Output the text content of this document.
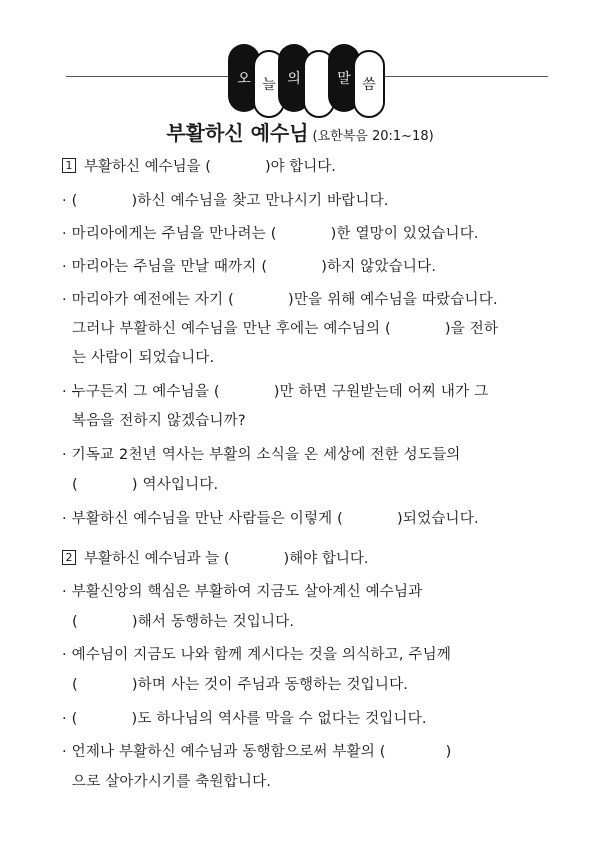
오 늘 의	말 씀
부활하신 예수님 (요한복음 20:1~18)
1 부활하신 예수님을 (	)야 합니다.
· (	)하신 예수님을 찾고 만나시기 바랍니다.
· 마리아에게는 주님을 만나려는 (	)한 열망이 있었습니다.
· 마리아는 주님을 만날 때까지 (	)하지 않았습니다.
· 마리아가 예전에는 자기 (	)만을 위해 예수님을 따랐습니다.
그러나 부활하신 예수님을 만난 후에는 예수님의 (	)을 전하
는 사람이 되었습니다.
· 누구든지 그 예수님을 (	)만 하면 구원받는데 어찌 내가 그
복음을 전하지 않겠습니까?
· 기독교 2천년 역사는 부활의 소식을 온 세상에 전한 성도들의
(	) 역사입니다.
· 부활하신 예수님을 만난 사람들은 이렇게 (	)되었습니다.
2 부활하신 예수님과 늘 (	)해야 합니다.
· 부활신앙의 핵심은 부활하여 지금도 살아계신 예수님과
(	)해서 동행하는 것입니다.
· 예수님이 지금도 나와 함께 계시다는 것을 의식하고, 주님께
(	)하며 사는 것이 주님과 동행하는 것입니다.
· (	)도 하나님의 역사를 막을 수 없다는 것입니다.
· 언제나 부활하신 예수님과 동행함으로써 부활의 (	)
으로 살아가시기를 축원합니다.
